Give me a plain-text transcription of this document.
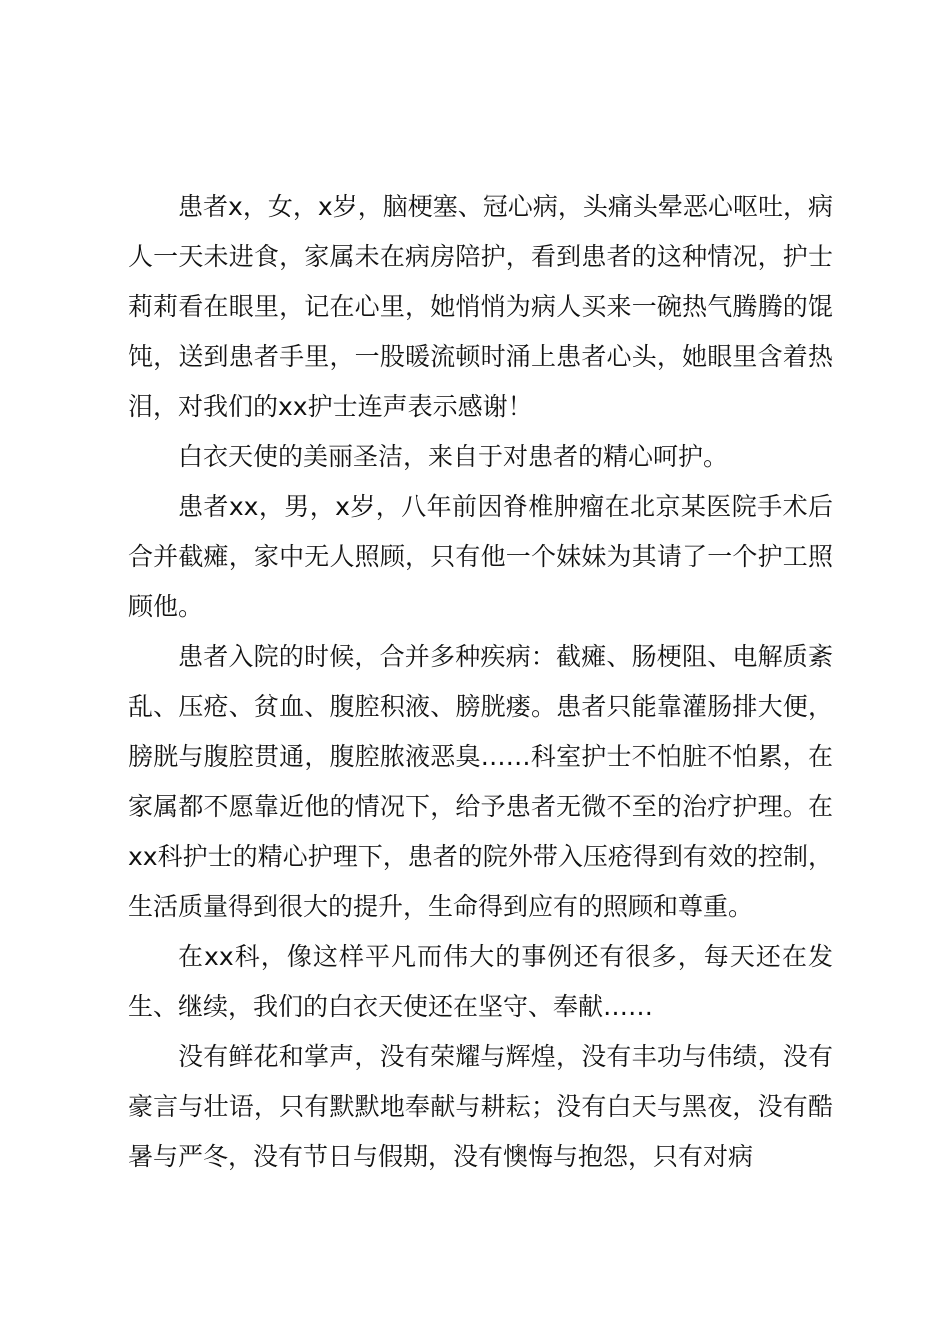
患者x，女，x岁，脑梗塞、冠心病，头痛头晕恶心呕吐，病人一天未进食，家属未在病房陪护，看到患者的这种情况，护士莉莉看在眼里，记在心里，她悄悄为病人买来一碗热气腾腾的馄饨，送到患者手里，一股暖流顿时涌上患者心头，她眼里含着热泪，对我们的xx护士连声表示感谢！

白衣天使的美丽圣洁，来自于对患者的精心呵护。

患者xx，男，x岁，八年前因脊椎肿瘤在北京某医院手术后合并截瘫，家中无人照顾，只有他一个妹妹为其请了一个护工照顾他。

患者入院的时候，合并多种疾病：截瘫、肠梗阻、电解质紊乱、压疮、贫血、腹腔积液、膀胱瘘。患者只能靠灌肠排大便，膀胱与腹腔贯通，腹腔脓液恶臭……科室护士不怕脏不怕累，在家属都不愿靠近他的情况下，给予患者无微不至的治疗护理。在xx科护士的精心护理下，患者的院外带入压疮得到有效的控制，生活质量得到很大的提升，生命得到应有的照顾和尊重。

在xx科，像这样平凡而伟大的事例还有很多，每天还在发生、继续，我们的白衣天使还在坚守、奉献……

没有鲜花和掌声，没有荣耀与辉煌，没有丰功与伟绩，没有豪言与壮语，只有默默地奉献与耕耘；没有白天与黑夜，没有酷暑与严冬，没有节日与假期，没有懊悔与抱怨，只有对病
